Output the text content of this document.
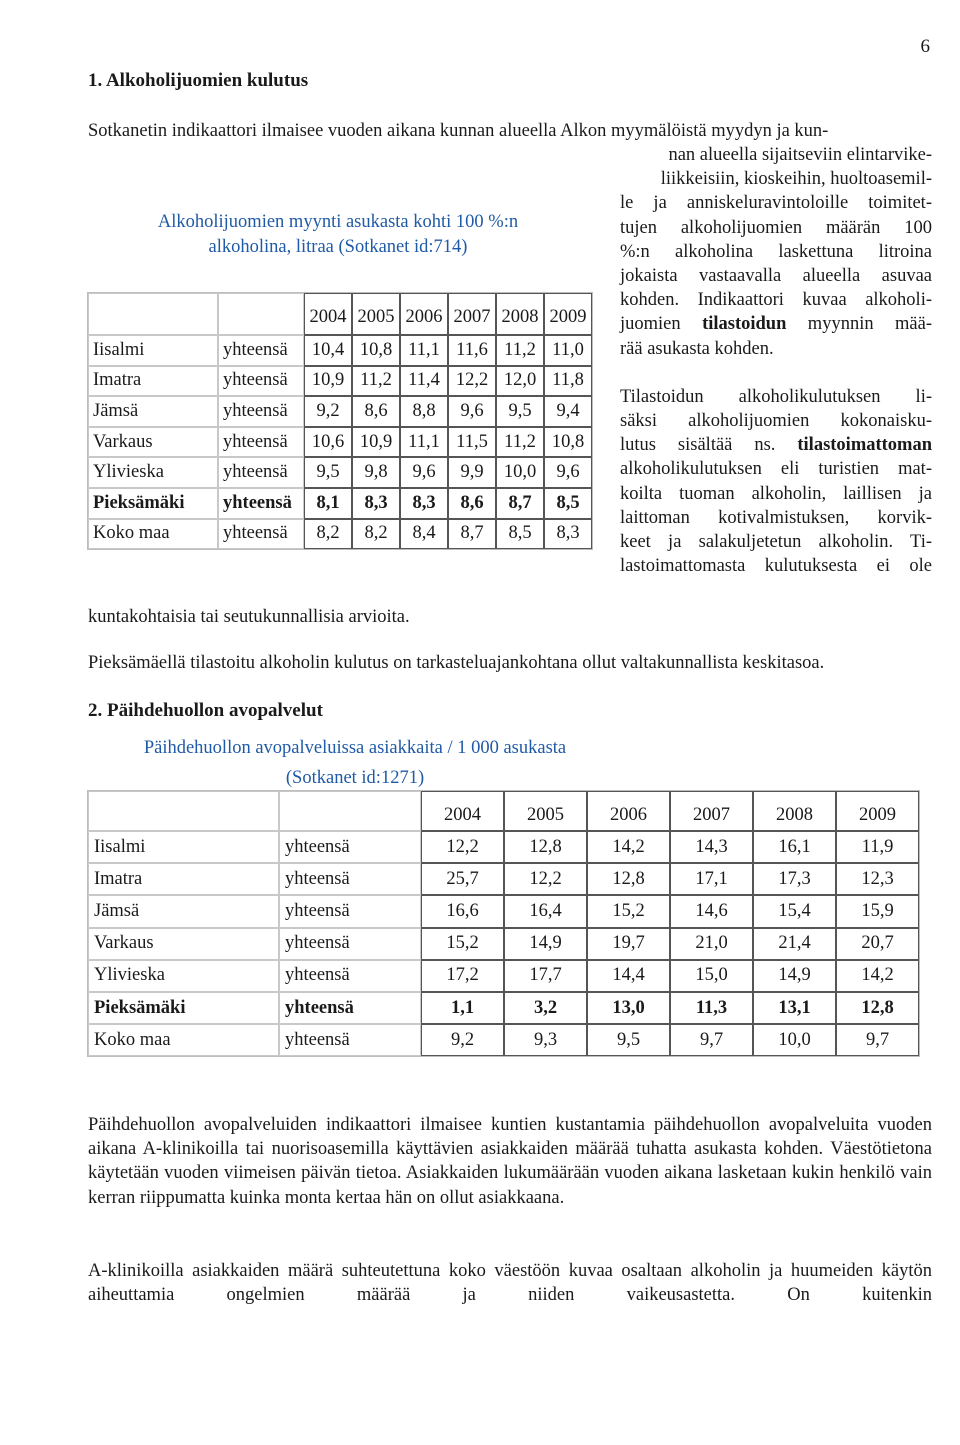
6
1. Alkoholijuomien kulutus

Sotkanetin indikaattori ilmaisee vuoden aikana kunnan alueella Alkon myymälöistä myydyn ja kun-

nan alueella sijaitseviin elintarvike-
liikkeisiin, kioskeihin, huoltoasemil-
le ja anniskeluravintoloille toimitet-
tujen alkoholijuomien määrän 100
%:n alkoholina laskettuna litroina
jokaista vastaavalla alueella asuvaa
kohden. Indikaattori kuvaa alkoholi-
juomien tilastoidun myynnin mää-
rää asukasta kohden.
Tilastoidun alkoholikulutuksen li-
säksi alkoholijuomien kokonaisku-
lutus sisältää ns. tilastoimattoman
alkoholikulutuksen eli turistien mat-
koilta tuoman alkoholin, laillisen ja
laittoman kotivalmistuksen, korvik-
keet ja salakuljetetun alkoholin. Ti-
lastoimattomasta kulutuksesta ei ole
Alkoholijuomien myynti asukasta kohti 100 %:n
alkoholina, litraa (Sotkanet id:714)
		2004	2005	2006	2007	2008	2009
Iisalmi	yhteensä	10,4	10,8	11,1	11,6	11,2	11,0
Imatra	yhteensä	10,9	11,2	11,4	12,2	12,0	11,8
Jämsä	yhteensä	9,2	8,6	8,8	9,6	9,5	9,4
Varkaus	yhteensä	10,6	10,9	11,1	11,5	11,2	10,8
Ylivieska	yhteensä	9,5	9,8	9,6	9,9	10,0	9,6
Pieksämäki	yhteensä	8,1	8,3	8,3	8,6	8,7	8,5
Koko maa	yhteensä	8,2	8,2	8,4	8,7	8,5	8,3

kuntakohtaisia tai seutukunnallisia arvioita.

Pieksämäellä tilastoitu alkoholin kulutus on tarkasteluajankohtana ollut valtakunnallista keskitasoa.

2. Päihdehuollon avopalvelut
Päihdehuollon avopalveluissa asiakkaita / 1 000 asukasta
(Sotkanet id:1271)
		2004	2005	2006	2007	2008	2009
Iisalmi	yhteensä	12,2	12,8	14,2	14,3	16,1	11,9
Imatra	yhteensä	25,7	12,2	12,8	17,1	17,3	12,3
Jämsä	yhteensä	16,6	16,4	15,2	14,6	15,4	15,9
Varkaus	yhteensä	15,2	14,9	19,7	21,0	21,4	20,7
Ylivieska	yhteensä	17,2	17,7	14,4	15,0	14,9	14,2
Pieksämäki	yhteensä	1,1	3,2	13,0	11,3	13,1	12,8
Koko maa	yhteensä	9,2	9,3	9,5	9,7	10,0	9,7

Päihdehuollon avopalveluiden indikaattori ilmaisee kuntien kustantamia päihdehuollon avopalveluita vuoden aikana A-klinikoilla tai nuorisoasemilla käyttävien asiakkaiden määrää tuhatta asukasta kohden. Väestötietona käytetään vuoden viimeisen päivän tietoa. Asiakkaiden lukumäärään vuoden aikana lasketaan kukin henkilö vain kerran riippumatta kuinka monta kertaa hän on ollut asiakkaana.

A-klinikoilla asiakkaiden määrä suhteutettuna koko väestöön kuvaa osaltaan alkoholin ja huumeiden käytön aiheuttamia ongelmien määrää ja niiden vaikeusastetta. On kuitenkin
